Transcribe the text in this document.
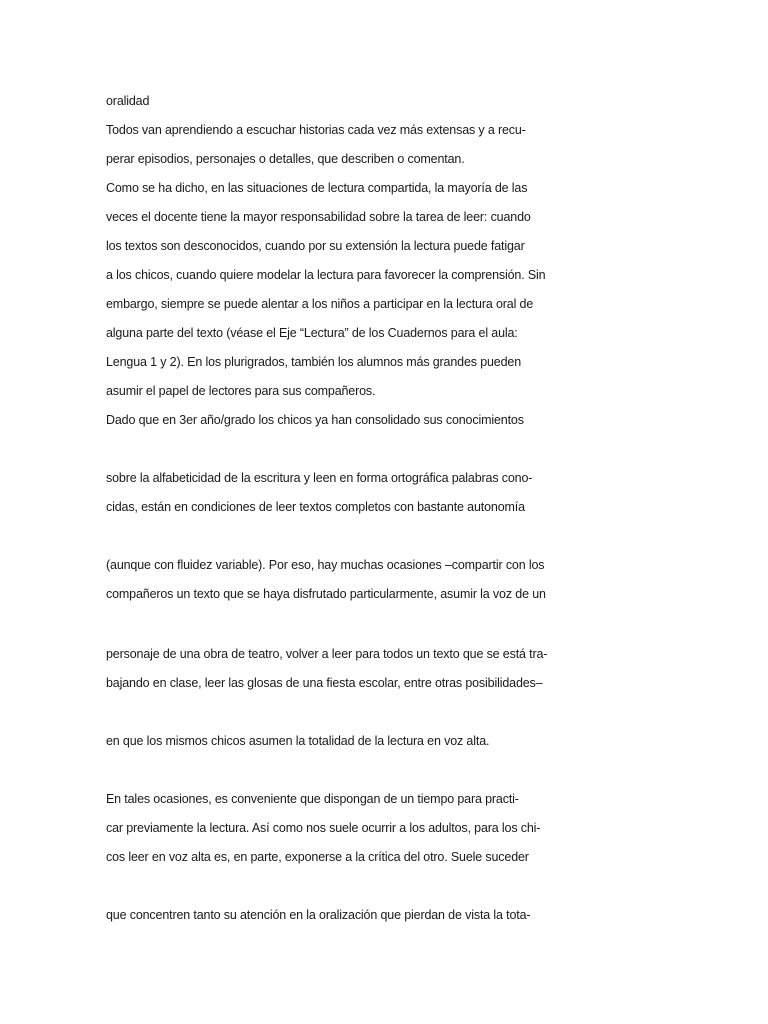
oralidad
Todos van aprendiendo a escuchar historias cada vez más extensas y a recu-
perar episodios, personajes o detalles, que describen o comentan.
Como se ha dicho, en las situaciones de lectura compartida, la mayoría de las
veces el docente tiene la mayor responsabilidad sobre la tarea de leer: cuando
los textos son desconocidos, cuando por su extensión la lectura puede fatigar
a los chicos, cuando quiere modelar la lectura para favorecer la comprensión. Sin
embargo, siempre se puede alentar a los niños a participar en la lectura oral de
alguna parte del texto (véase el Eje “Lectura” de los Cuadernos para el aula:
Lengua 1 y 2). En los plurigrados, también los alumnos más grandes pueden
asumir el papel de lectores para sus compañeros.
Dado que en 3er año/grado los chicos ya han consolidado sus conocimientos
sobre la alfabeticidad de la escritura y leen en forma ortográfica palabras cono-
cidas, están en condiciones de leer textos completos con bastante autonomía
(aunque con fluidez variable). Por eso, hay muchas ocasiones –compartir con los
compañeros un texto que se haya disfrutado particularmente, asumir la voz de un
personaje de una obra de teatro, volver a leer para todos un texto que se está tra-
bajando en clase, leer las glosas de una fiesta escolar, entre otras posibilidades–
en que los mismos chicos asumen la totalidad de la lectura en voz alta.
En tales ocasiones, es conveniente que dispongan de un tiempo para practi-
car previamente la lectura. Así como nos suele ocurrir a los adultos, para los chi-
cos leer en voz alta es, en parte, exponerse a la crítica del otro. Suele suceder
que concentren tanto su atención en la oralización que pierdan de vista la tota-
